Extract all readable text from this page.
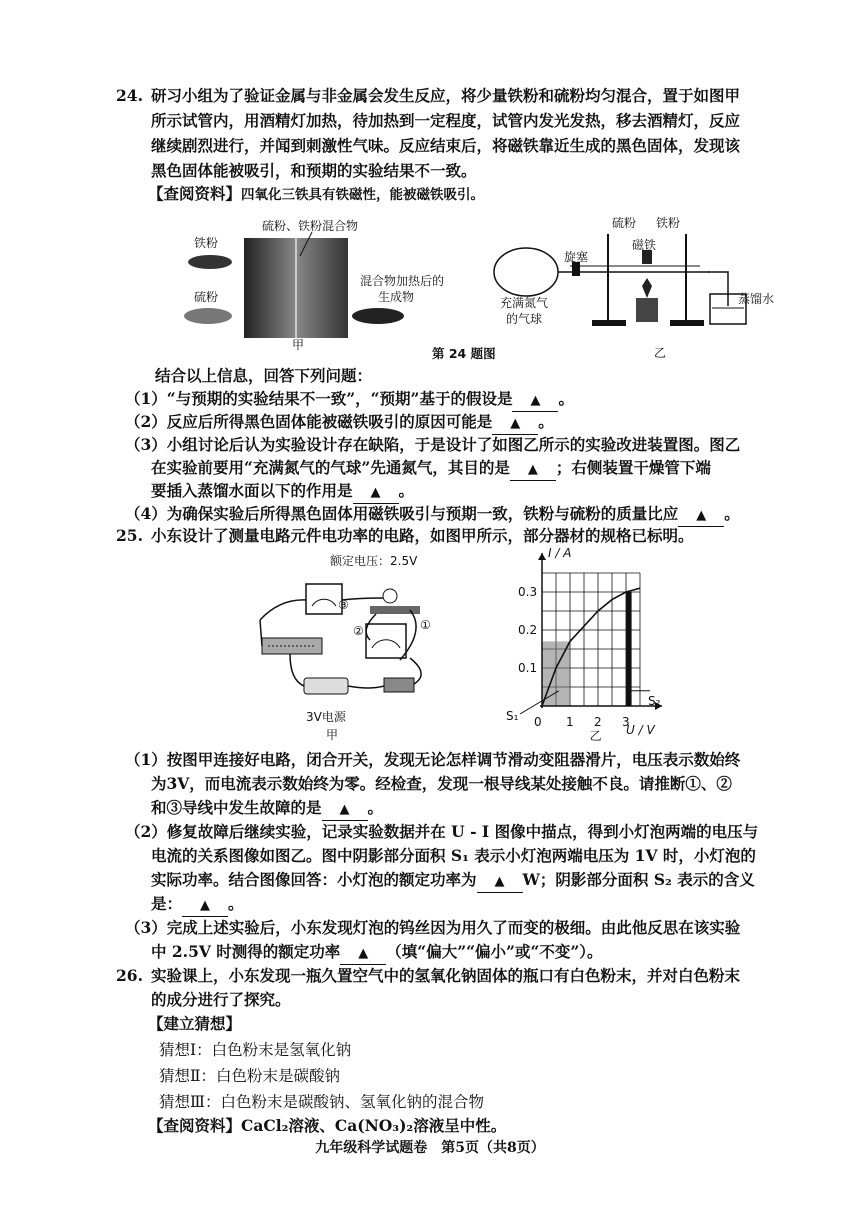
24. 研习小组为了验证金属与非金属会发生反应，将少量铁粉和硫粉均匀混合，置于如图甲
所示试管内，用酒精灯加热，待加热到一定程度，试管内发光发热，移去酒精灯，反应
继续剧烈进行，并闻到刺激性气味。反应结束后，将磁铁靠近生成的黑色固体，发现该
黑色固体能被吸引，和预期的实验结果不一致。
【查阅资料】四氧化三铁具有铁磁性，能被磁铁吸引。
铁粉
硫粉
硫粉、铁粉混合物
混合物加热后的
生成物
甲
第 24 题图
旋塞
充满氮气
的气球
硫粉 铁粉
磁铁
蒸馏水
乙
结合以上信息，回答下列问题：
（1）“与预期的实验结果不一致”，“预期”基于的假设是 ▲ 。
（2）反应后所得黑色固体能被磁铁吸引的原因可能是 ▲ 。
（3）小组讨论后认为实验设计存在缺陷，于是设计了如图乙所示的实验改进装置图。图乙
在实验前要用“充满氮气的气球”先通氮气，其目的是 ▲ ；右侧装置干燥管下端
要插入蒸馏水面以下的作用是 ▲ 。
（4）为确保实验后所得黑色固体用磁铁吸引与预期一致，铁粉与硫粉的质量比应 ▲ 。
25. 小东设计了测量电路元件电功率的电路，如图甲所示，部分器材的规格已标明。
额定电压：2.5V
③
②	①
3V电源
甲
I / A
U / V
0
0.1
0.2
0.3
1 2 3
S₁
S₂
乙
（1）按图甲连接好电路，闭合开关，发现无论怎样调节滑动变阻器滑片，电压表示数始终
为3V，而电流表示数始终为零。经检查，发现一根导线某处接触不良。请推断①、②
和③导线中发生故障的是 ▲ 。
（2）修复故障后继续实验，记录实验数据并在 U - I 图像中描点，得到小灯泡两端的电压与
电流的关系图像如图乙。图中阴影部分面积 S₁ 表示小灯泡两端电压为 1V 时，小灯泡的
实际功率。结合图像回答：小灯泡的额定功率为 ▲ W；阴影部分面积 S₂ 表示的含义
是： ▲ 。
（3）完成上述实验后，小东发现灯泡的钨丝因为用久了而变的极细。由此他反思在该实验
中 2.5V 时测得的额定功率 ▲ （填“偏大”“偏小”或“不变”）。
26. 实验课上，小东发现一瓶久置空气中的氢氧化钠固体的瓶口有白色粉末，并对白色粉末
的成分进行了探究。
【建立猜想】
猜想Ⅰ：白色粉末是氢氧化钠
猜想Ⅱ：白色粉末是碳酸钠
猜想Ⅲ：白色粉末是碳酸钠、氢氧化钠的混合物
【查阅资料】CaCl₂溶液、Ca(NO₃)₂溶液呈中性。
九年级科学试题卷　第5页（共8页）
